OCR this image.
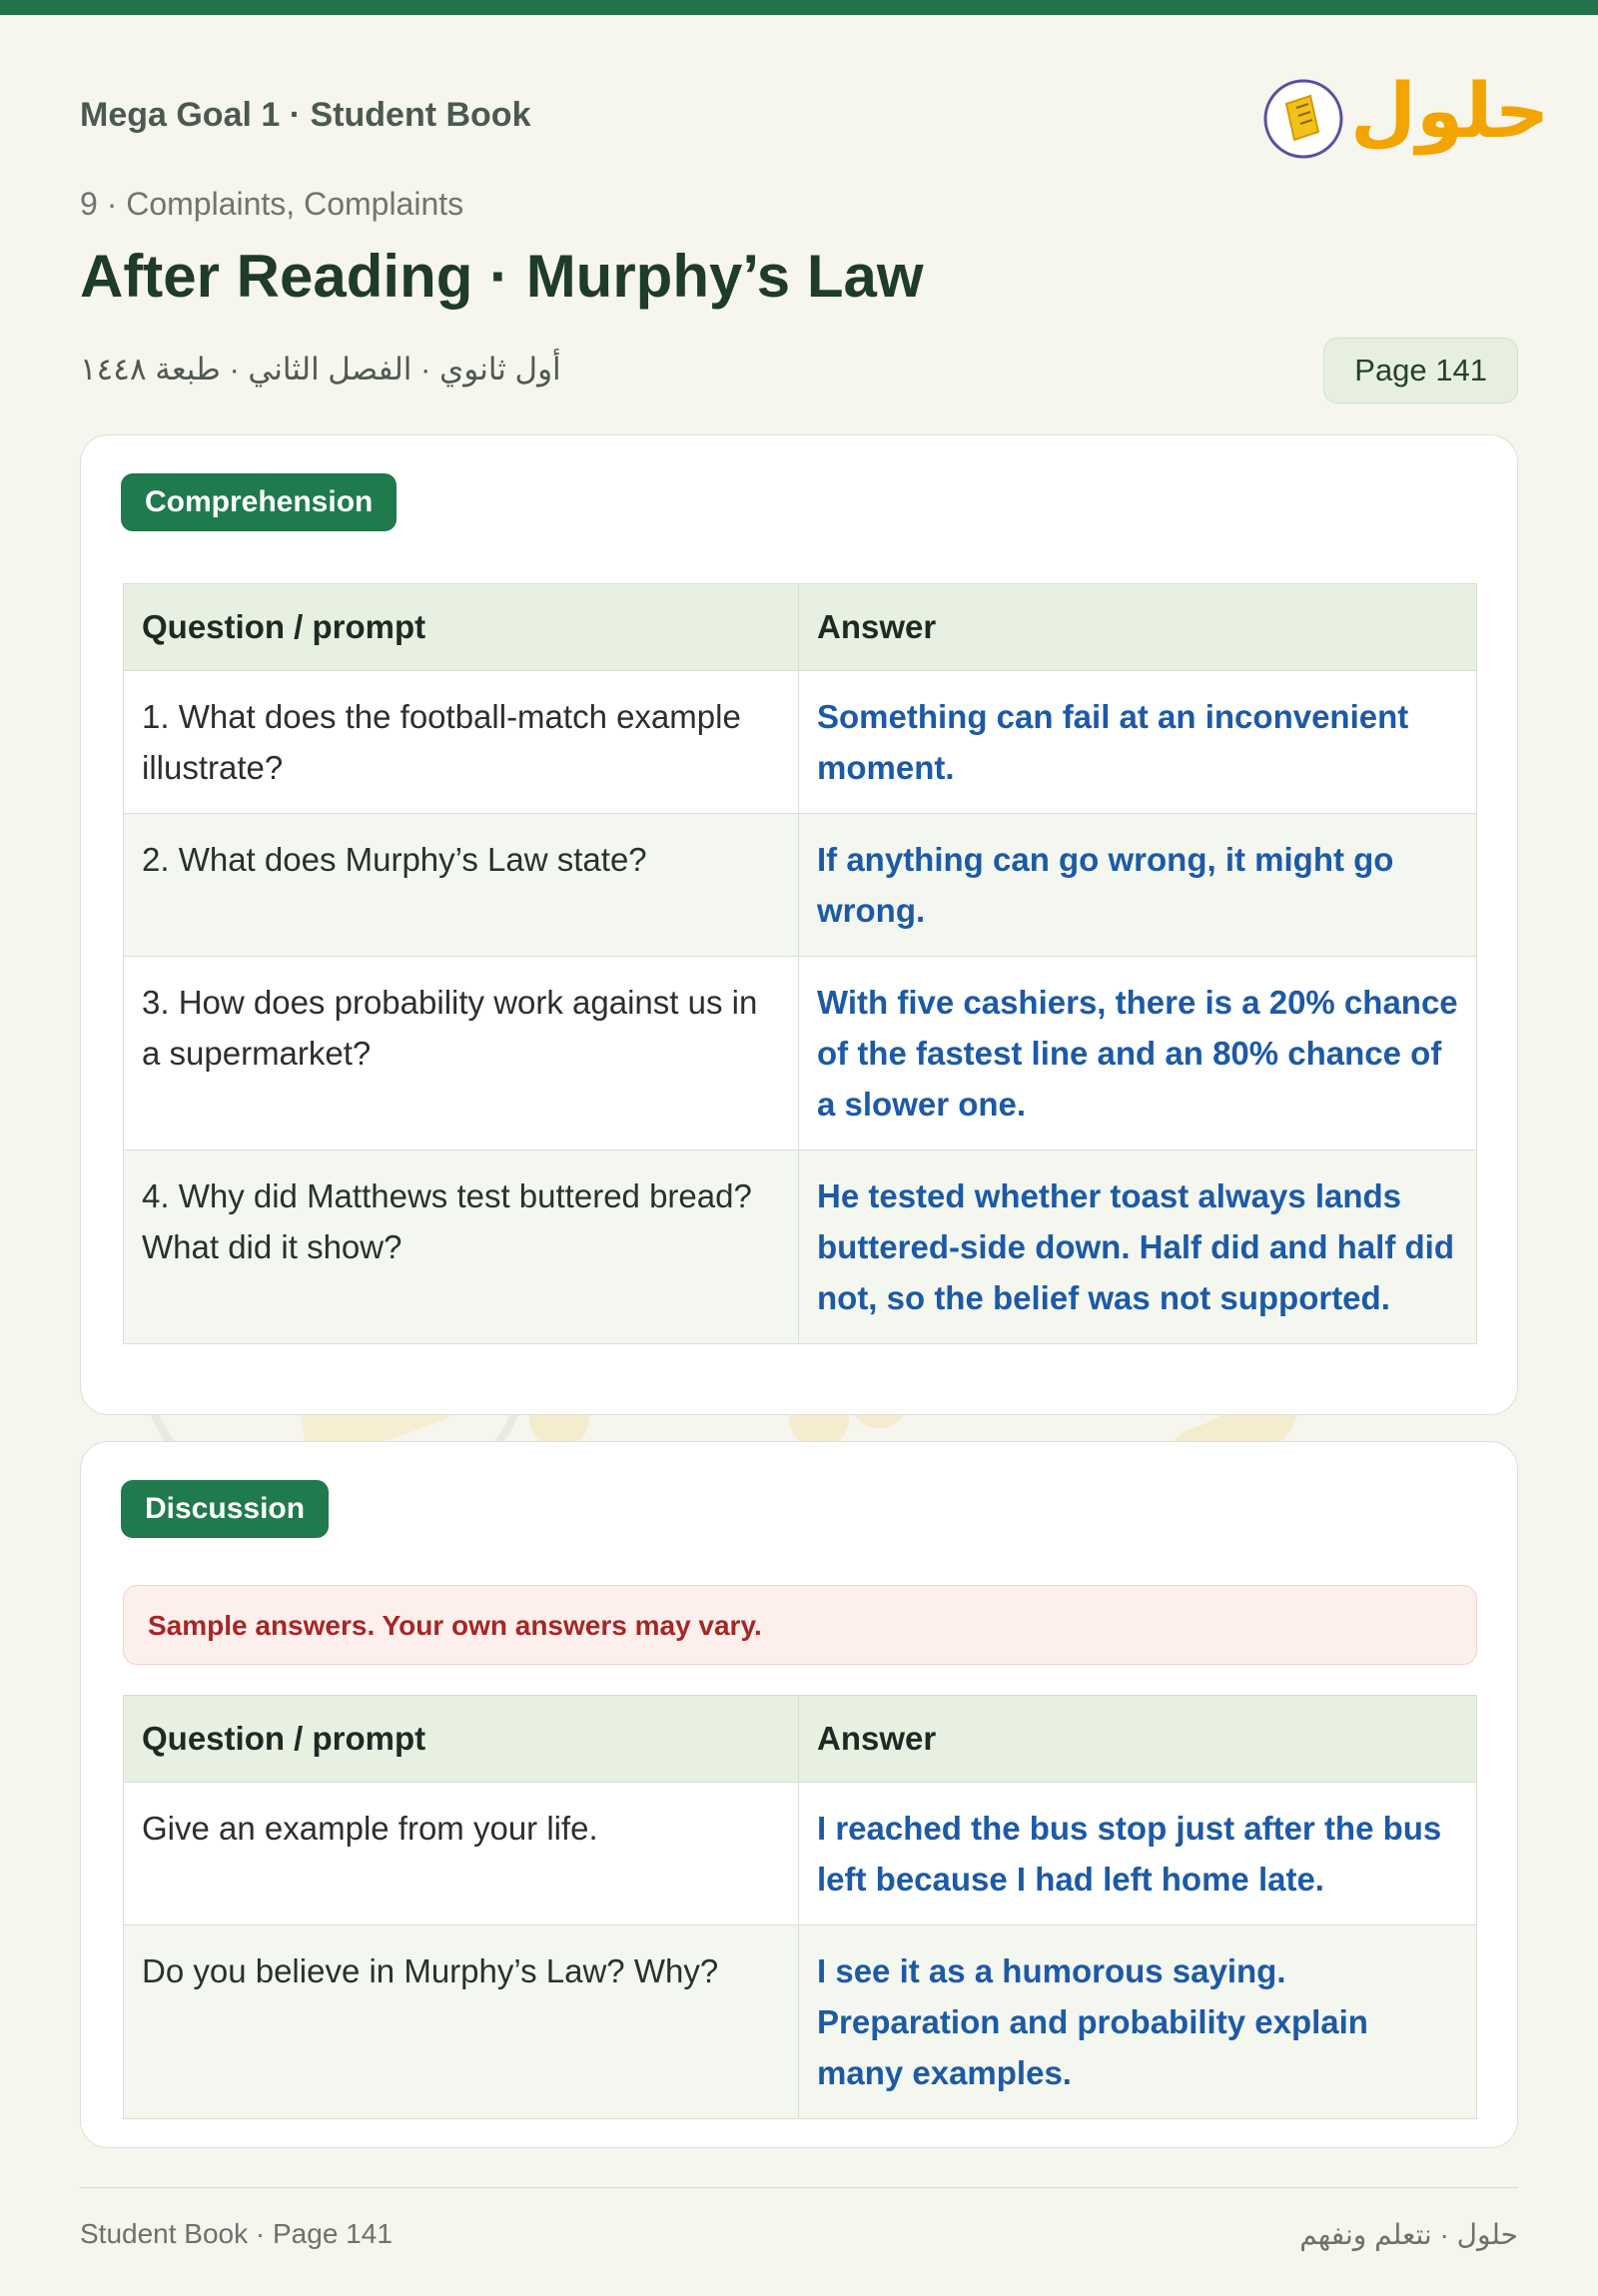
Mega Goal 1 · Student Book
9 · Complaints, Complaints
After Reading · Murphy’s Law
أول ثانوي · الفصل الثاني · طبعة ١٤٤٨	Page 141
حلول
Comprehension
Question / prompt	Answer
1. What does the football-match example illustrate?	Something can fail at an inconvenient moment.
2. What does Murphy’s Law state?	If anything can go wrong, it might go wrong.
3. How does probability work against us in a supermarket?	With five cashiers, there is a 20% chance of the fastest line and an 80% chance of a slower one.
4. Why did Matthews test buttered bread? What did it show?	He tested whether toast always lands buttered-side down. Half did and half did not, so the belief was not supported.
Discussion
Sample answers. Your own answers may vary.
Question / prompt	Answer
Give an example from your life.	I reached the bus stop just after the bus left because I had left home late.
Do you believe in Murphy’s Law? Why?	I see it as a humorous saying. Preparation and probability explain many examples.
Student Book · Page 141	حلول · نتعلم ونفهم
